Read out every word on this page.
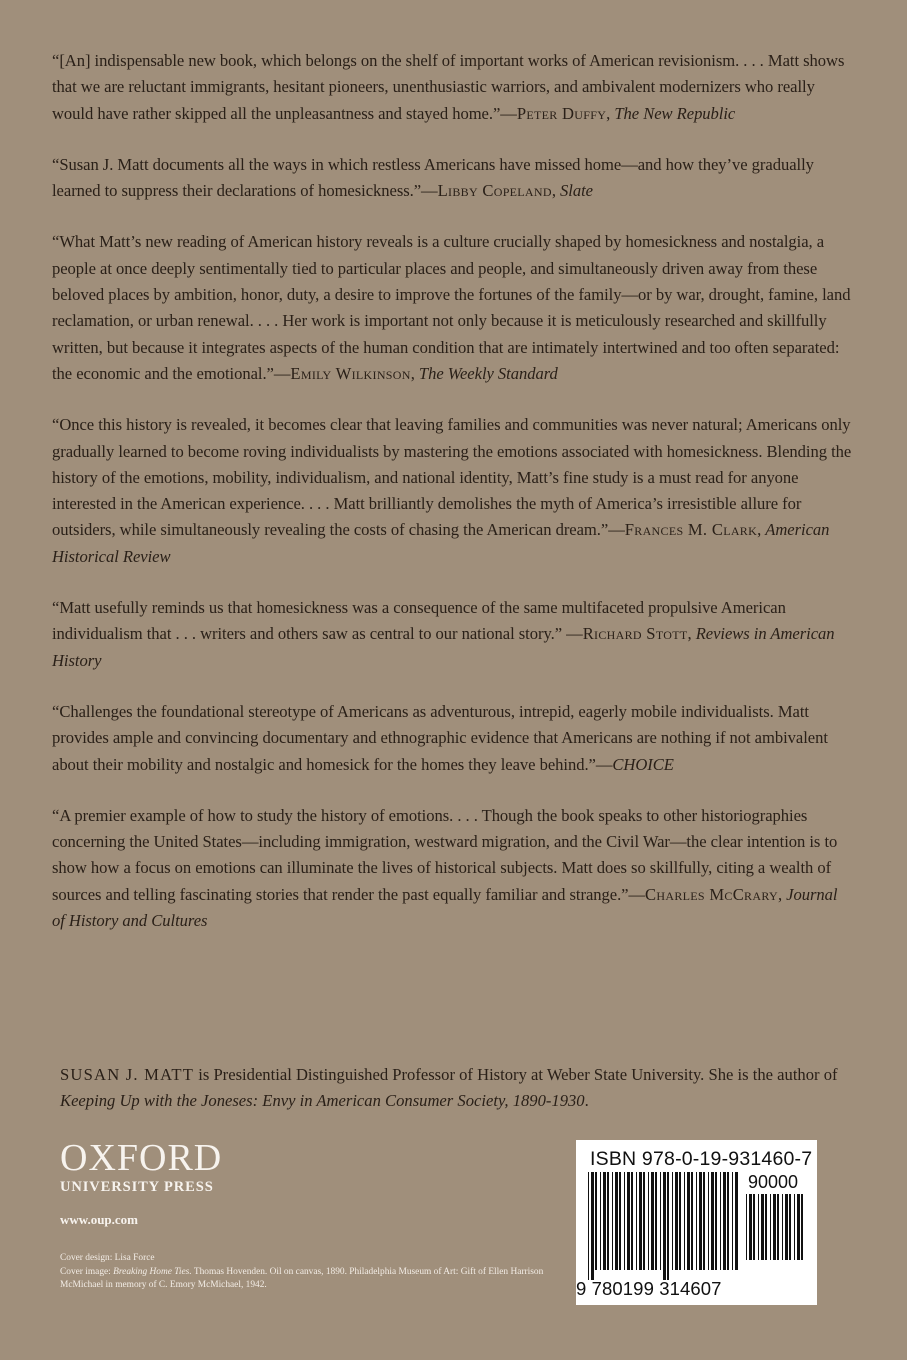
“[An] indispensable new book, which belongs on the shelf of important works of American revisionism. . . . Matt shows that we are reluctant immigrants, hesitant pioneers, unenthusiastic warriors, and ambivalent modernizers who really would have rather skipped all the unpleasantness and stayed home.”—Peter Duffy, The New Republic
“Susan J. Matt documents all the ways in which restless Americans have missed home—and how they’ve gradually learned to suppress their declarations of homesickness.”—Libby Copeland, Slate
“What Matt’s new reading of American history reveals is a culture crucially shaped by homesickness and nostalgia, a people at once deeply sentimentally tied to particular places and people, and simultaneously driven away from these beloved places by ambition, honor, duty, a desire to improve the fortunes of the family—or by war, drought, famine, land reclamation, or urban renewal. . . . Her work is important not only because it is meticulously researched and skillfully written, but because it integrates aspects of the human condition that are intimately intertwined and too often separated: the economic and the emotional.”—Emily Wilkinson, The Weekly Standard
“Once this history is revealed, it becomes clear that leaving families and communities was never natural; Americans only gradually learned to become roving individualists by mastering the emotions associated with homesickness. Blending the history of the emotions, mobility, individualism, and national identity, Matt’s fine study is a must read for anyone interested in the American experience. . . . Matt brilliantly demolishes the myth of America’s irresistible allure for outsiders, while simultaneously revealing the costs of chasing the American dream.”—Frances M. Clark, American Historical Review
“Matt usefully reminds us that homesickness was a consequence of the same multifaceted propulsive American individualism that . . . writers and others saw as central to our national story.” —Richard Stott, Reviews in American History
“Challenges the foundational stereotype of Americans as adventurous, intrepid, eagerly mobile individualists. Matt provides ample and convincing documentary and ethnographic evidence that Americans are nothing if not ambivalent about their mobility and nostalgic and homesick for the homes they leave behind.”—CHOICE
“A premier example of how to study the history of emotions. . . . Though the book speaks to other historiographies concerning the United States—including immigration, westward migration, and the Civil War—the clear intention is to show how a focus on emotions can illuminate the lives of historical subjects. Matt does so skillfully, citing a wealth of sources and telling fascinating stories that render the past equally familiar and strange.”—Charles McCrary, Journal of History and Cultures
SUSAN J. MATT is Presidential Distinguished Professor of History at Weber State University. She is the author of Keeping Up with the Joneses: Envy in American Consumer Society, 1890-1930.
OXFORD
UNIVERSITY PRESS
www.oup.com
Cover design: Lisa Force
Cover image: Breaking Home Ties. Thomas Hovenden. Oil on canvas, 1890. Philadelphia Museum of Art: Gift of Ellen Harrison McMichael in memory of C. Emory McMichael, 1942.
ISBN 978-0-19-931460-7
90000
9 780199 314607
